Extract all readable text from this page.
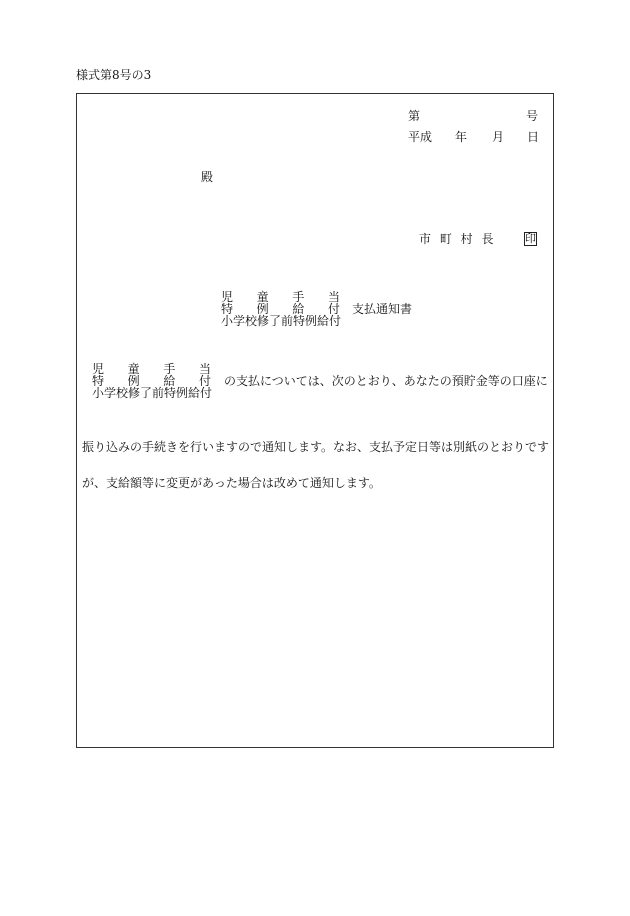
様式第8号の3
第	号
平成 年 月 日
殿
市 町 村 長	印
児　童　手　当
特　例　給　付
小学校修了前特例給付
支払通知書
児　童　手　当
特　例　給　付
小学校修了前特例給付
の支払については、次のとおり、あなたの預貯金等の口座に
振り込みの手続きを行いますので通知します。なお、支払予定日等は別紙のとおりです
が、支給額等に変更があった場合は改めて通知します。
